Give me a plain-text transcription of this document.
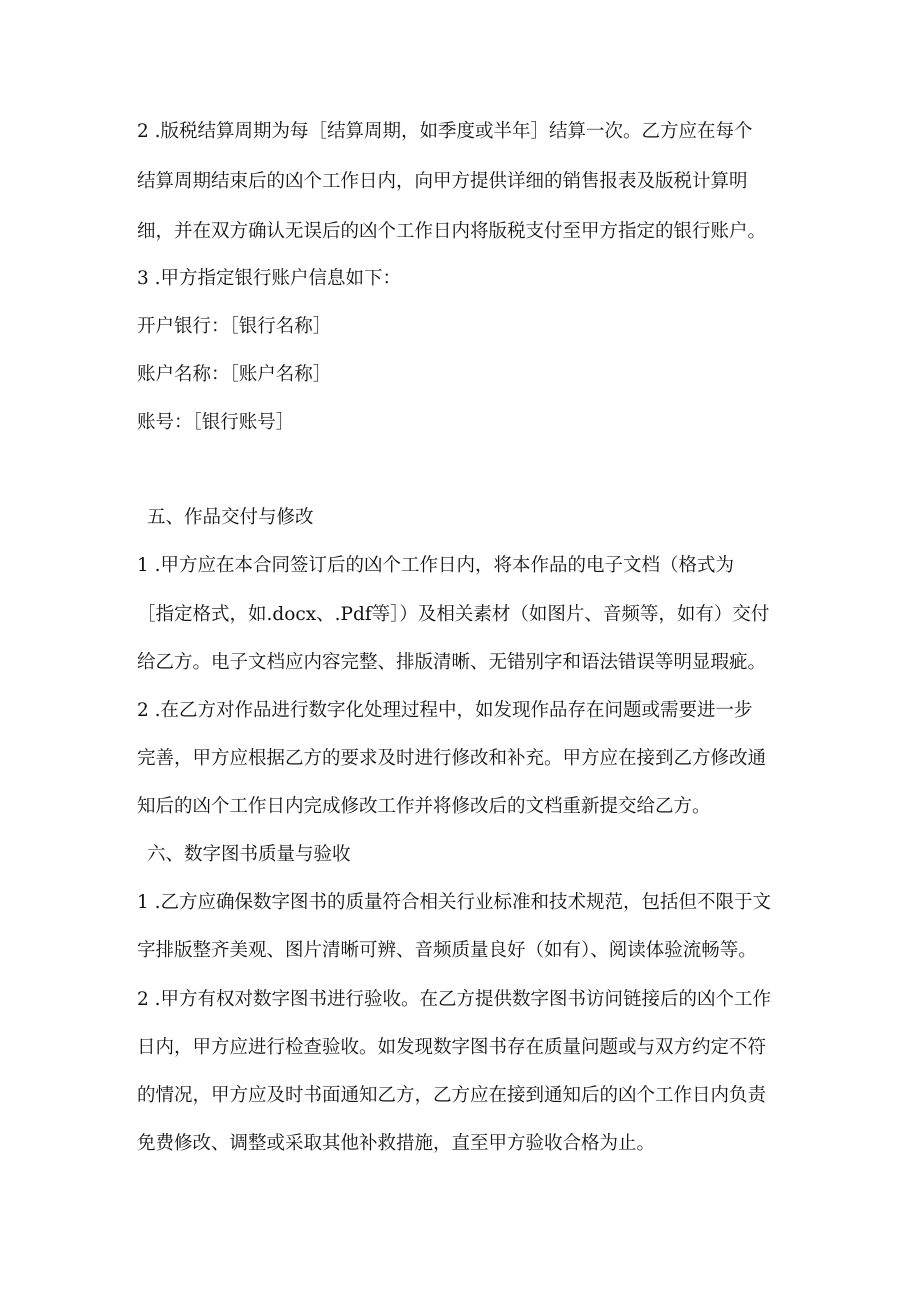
2 .版税结算周期为每［结算周期，如季度或半年］结算一次。乙方应在每个
结算周期结束后的凶个工作日内，向甲方提供详细的销售报表及版税计算明
细，并在双方确认无误后的凶个工作日内将版税支付至甲方指定的银行账户。
3 .甲方指定银行账户信息如下：
开户银行：［银行名称］
账户名称：［账户名称］
账号：［银行账号］
五、作品交付与修改
1 .甲方应在本合同签订后的凶个工作日内，将本作品的电子文档（格式为
［指定格式，如.docx、.Pdf等］）及相关素材（如图片、音频等，如有）交付
给乙方。电子文档应内容完整、排版清晰、无错别字和语法错误等明显瑕疵。
2 .在乙方对作品进行数字化处理过程中，如发现作品存在问题或需要进一步
完善，甲方应根据乙方的要求及时进行修改和补充。甲方应在接到乙方修改通
知后的凶个工作日内完成修改工作并将修改后的文档重新提交给乙方。
六、数字图书质量与验收
1 .乙方应确保数字图书的质量符合相关行业标准和技术规范，包括但不限于文
字排版整齐美观、图片清晰可辨、音频质量良好（如有）、阅读体验流畅等。
2 .甲方有权对数字图书进行验收。在乙方提供数字图书访问链接后的凶个工作
日内，甲方应进行检查验收。如发现数字图书存在质量问题或与双方约定不符
的情况，甲方应及时书面通知乙方，乙方应在接到通知后的凶个工作日内负责
免费修改、调整或采取其他补救措施，直至甲方验收合格为止。
